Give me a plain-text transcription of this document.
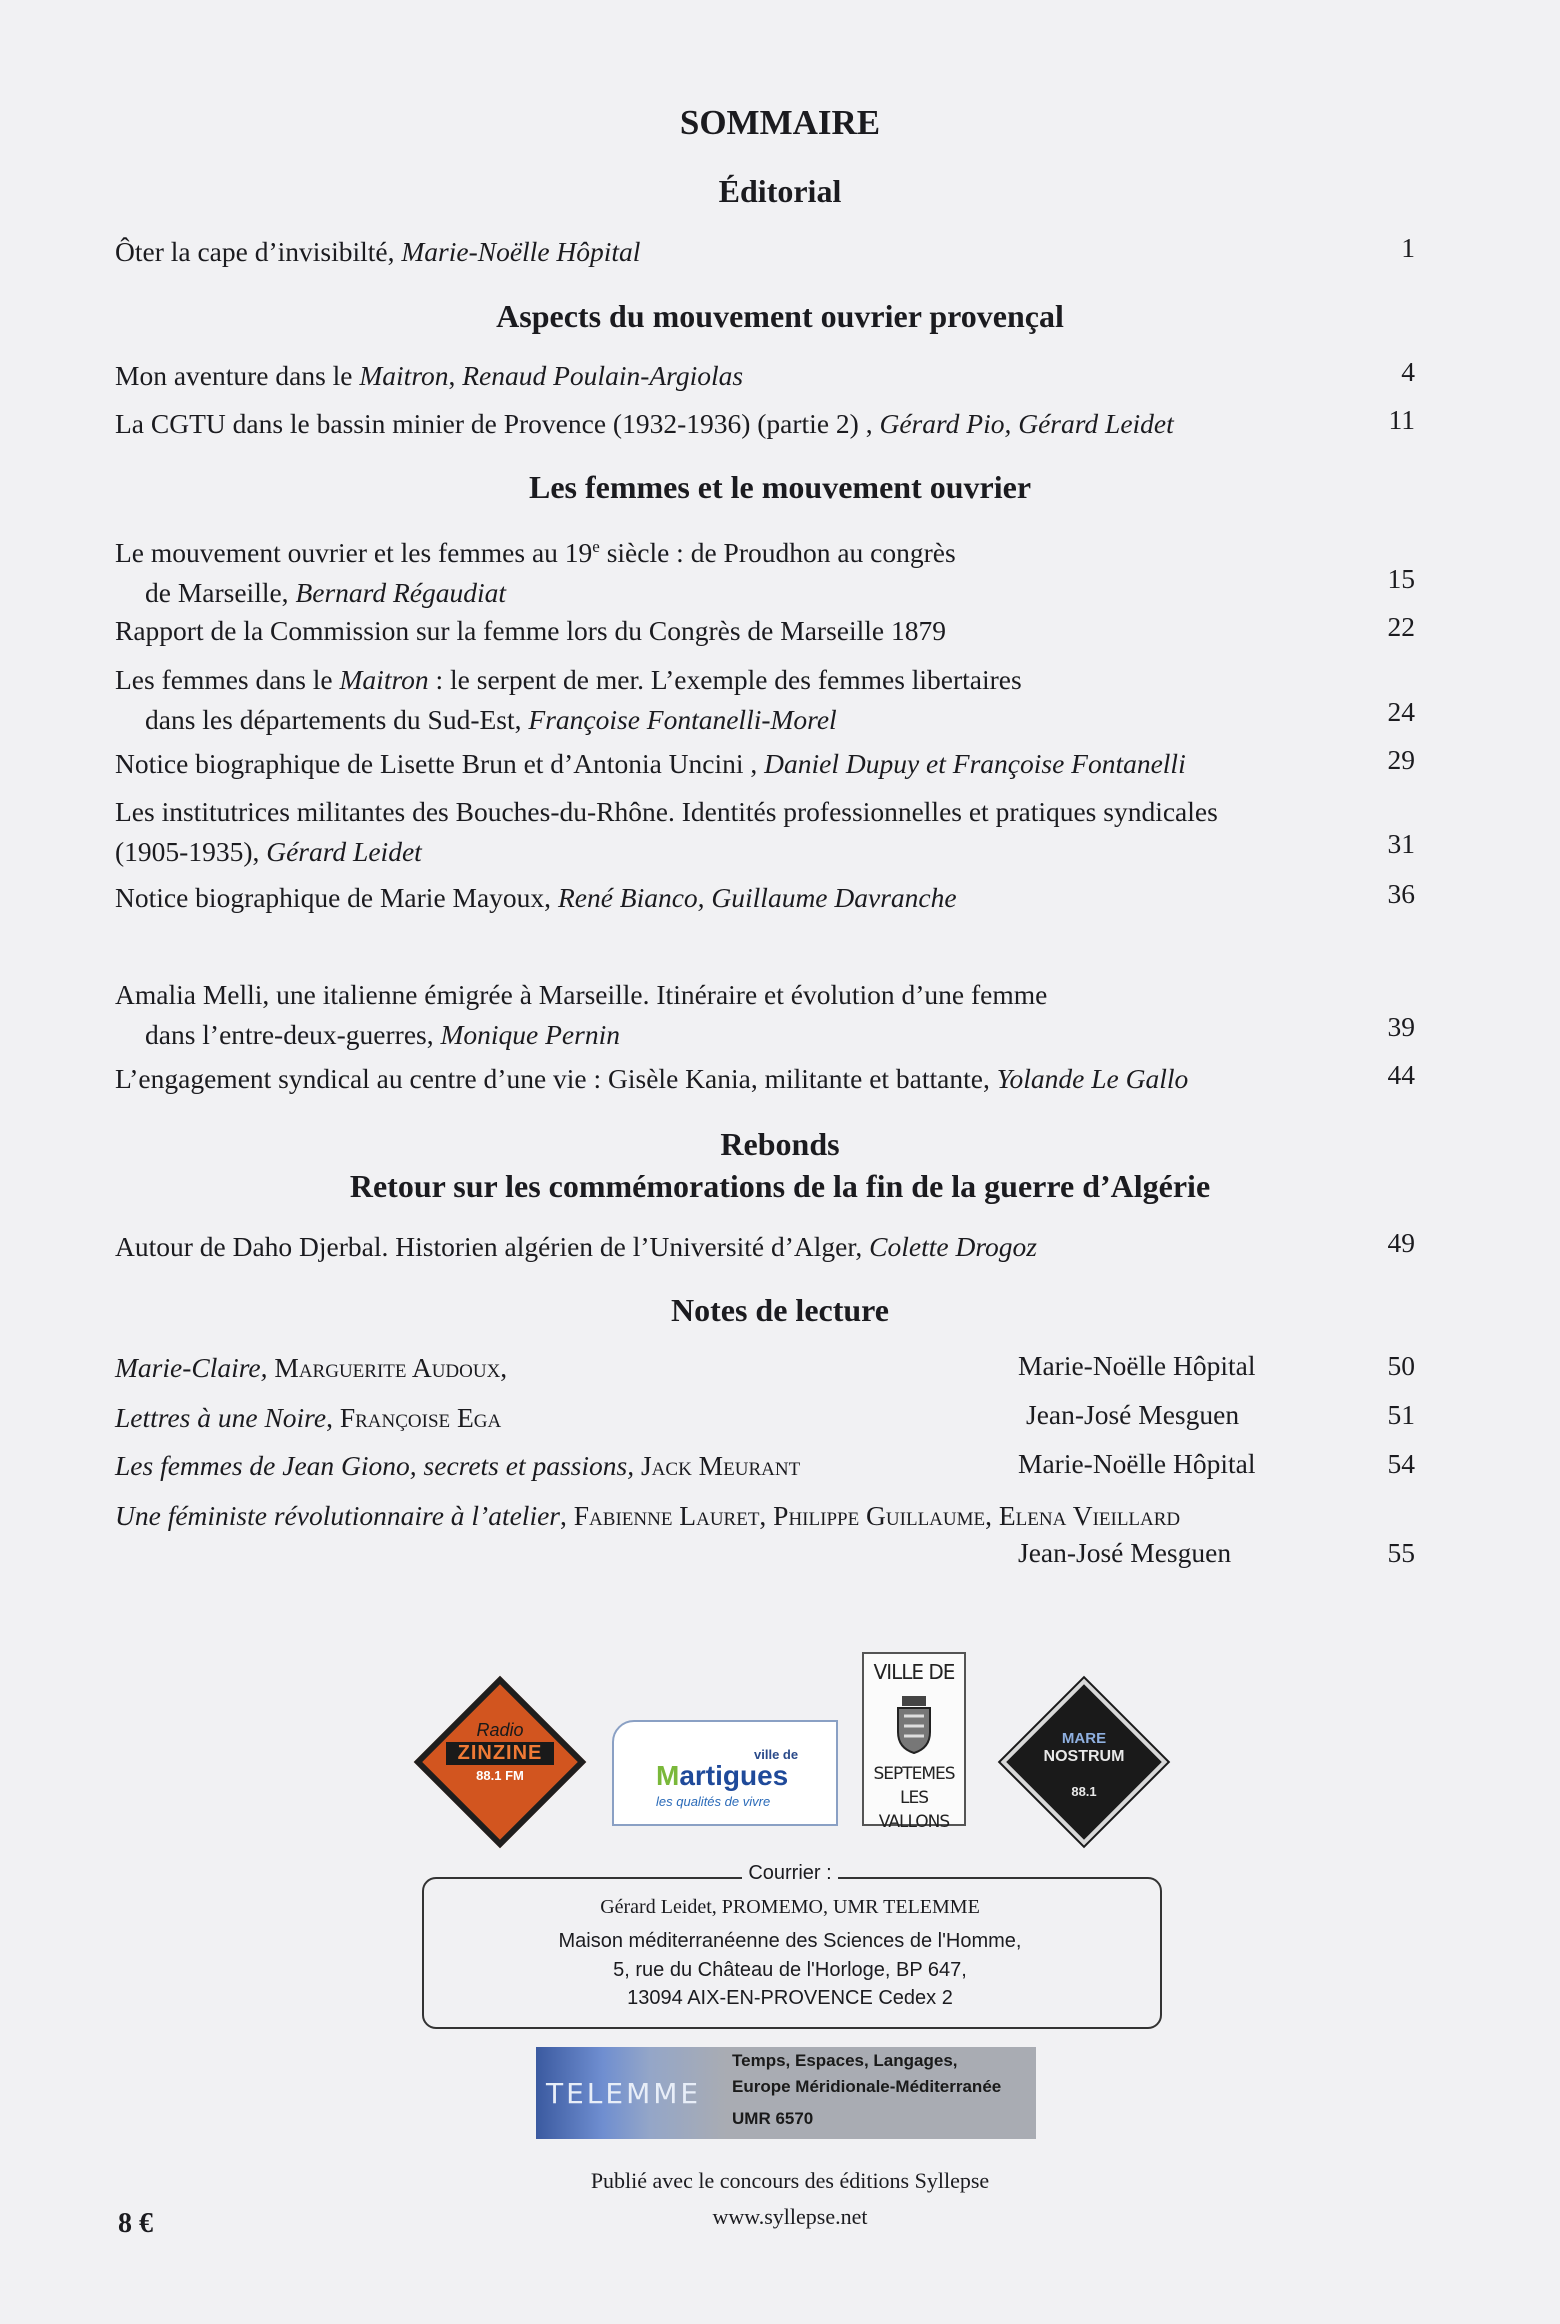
SOMMAIRE
Éditorial
Ôter la cape d’invisibilté, Marie-Noëlle Hôpital	1
Aspects du mouvement ouvrier provençal
Mon aventure dans le Maitron, Renaud Poulain-Argiolas	4
La CGTU dans le bassin minier de Provence (1932-1936) (partie 2) , Gérard Pio, Gérard Leidet	11
Les femmes et le mouvement ouvrier
Le mouvement ouvrier et les femmes au 19e siècle : de Proudhon au congrès
de Marseille, Bernard Régaudiat	15
Rapport de la Commission sur la femme lors du Congrès de Marseille 1879	22
Les femmes dans le Maitron : le serpent de mer. L’exemple des femmes libertaires
dans les départements du Sud-Est, Françoise Fontanelli-Morel	24
Notice biographique de Lisette Brun et d’Antonia Uncini , Daniel Dupuy et Françoise Fontanelli	29
Les institutrices militantes des Bouches-du-Rhône. Identités professionnelles et pratiques syndicales
(1905-1935), Gérard Leidet	31
Notice biographique de Marie Mayoux, René Bianco, Guillaume Davranche	36
Amalia Melli, une italienne émigrée à Marseille. Itinéraire et évolution d’une femme
dans l’entre-deux-guerres, Monique Pernin	39
L’engagement syndical au centre d’une vie : Gisèle Kania, militante et battante, Yolande Le Gallo	44
Rebonds
Retour sur les commémorations de la fin de la guerre d’Algérie
Autour de Daho Djerbal. Historien algérien de l’Université d’Alger, Colette Drogoz	49
Notes de lecture
Marie-Claire, Marguerite Audoux,	Marie-Noëlle Hôpital	50
Lettres à une Noire, Françoise Ega	Jean-José Mesguen	51
Les femmes de Jean Giono, secrets et passions, Jack Meurant	Marie-Noëlle Hôpital	54
Une féministe révolutionnaire à l’atelier, Fabienne Lauret, Philippe Guillaume, Elena Vieillard
Jean-José Mesguen	55
Radio
ZINZINE
88.1 FM
ville de
Martigues
les qualités de vivre
VILLE DE
SEPTEMES
LES VALLONS
MARE
NOSTRUM
88.1
Courrier :
Gérard Leidet, PROMEMO, UMR TELEMME
Maison méditerranéenne des Sciences de l'Homme,
5, rue du Château de l'Horloge, BP 647,
13094 AIX-EN-PROVENCE Cedex 2
TELEMME
Temps, Espaces, Langages,
Europe Méridionale-Méditerranée
UMR 6570
Publié avec le concours des éditions Syllepse
www.syllepse.net
8 €
